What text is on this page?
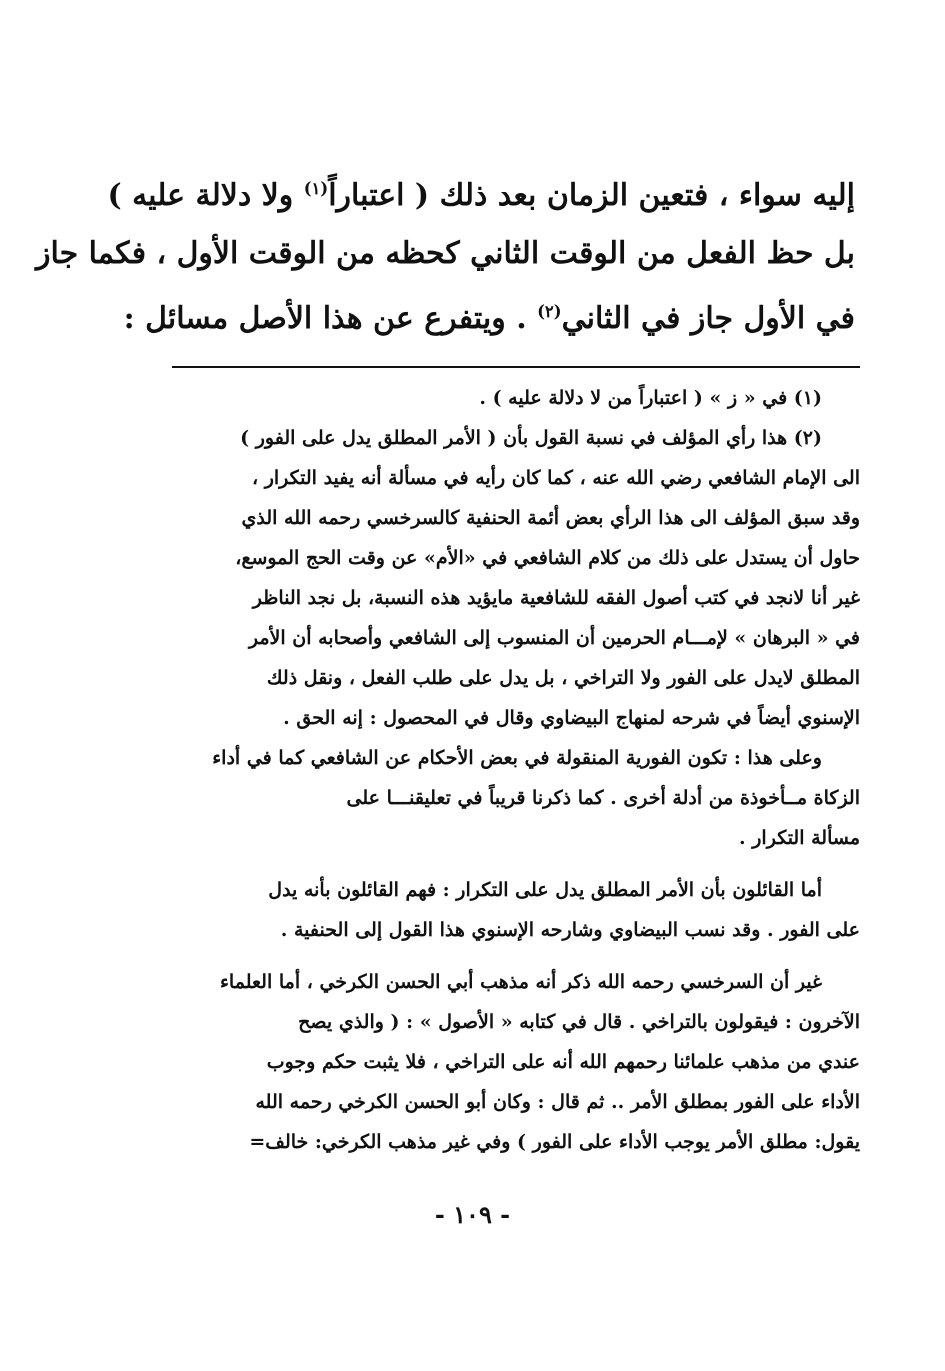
إليه سواء ، فتعين الزمان بعد ذلك ( اعتباراً$^{(١)}$ ولا دلالة عليه )
بل حظ الفعل من الوقت الثاني كحظه من الوقت الأول ، فكما جاز
في الأول جاز في الثاني$^{(٢)}$ . ويتفرع عن هذا الأصل مسائل :

(١) في « ز » ( اعتباراً من لا دلالة عليه ) .

(٢) هذا رأي المؤلف في نسبة القول بأن ( الأمر المطلق يدل على الفور )
الى الإمام الشافعي رضي الله عنه ، كما كان رأيه في مسألة أنه يفيد التكرار ،
وقد سبق المؤلف الى هذا الرأي بعض أئمة الحنفية كالسرخسي رحمه الله الذي
حاول أن يستدل على ذلك من كلام الشافعي في «الأم» عن وقت الحج الموسع،
غير أنا لانجد في كتب أصول الفقه للشافعية مايؤيد هذه النسبة، بل نجد الناظر
في « البرهان » لإمـــام الحرمين أن المنسوب إلى الشافعي وأصحابه أن الأمر
المطلق لايدل على الفور ولا التراخي ، بل يدل على طلب الفعل ، ونقل ذلك
الإسنوي أيضاً في شرحه لمنهاج البيضاوي وقال في المحصول : إنه الحق .

وعلى هذا : تكون الفورية المنقولة في بعض الأحكام عن الشافعي كما في أداء
الزكاة مــأخوذة من أدلة أخرى . كما ذكرنا قريباً في تعليقنـــا على
مسألة التكرار .

أما القائلون بأن الأمر المطلق يدل على التكرار : فهم القائلون بأنه يدل
على الفور . وقد نسب البيضاوي وشارحه الإسنوي هذا القول إلى الحنفية .

غير أن السرخسي رحمه الله ذكر أنه مذهب أبي الحسن الكرخي ، أما العلماء
الآخرون : فيقولون بالتراخي . قال في كتابه « الأصول » : ( والذي يصح
عندي من مذهب علمائنا رحمهم الله أنه على التراخي ، فلا يثبت حكم وجوب
الأداء على الفور بمطلق الأمر .. ثم قال : وكان أبو الحسن الكرخي رحمه الله
يقول: مطلق الأمر يوجب الأداء على الفور ) وفي غير مذهب الكرخي: خالف=

- ١٠٩ -
